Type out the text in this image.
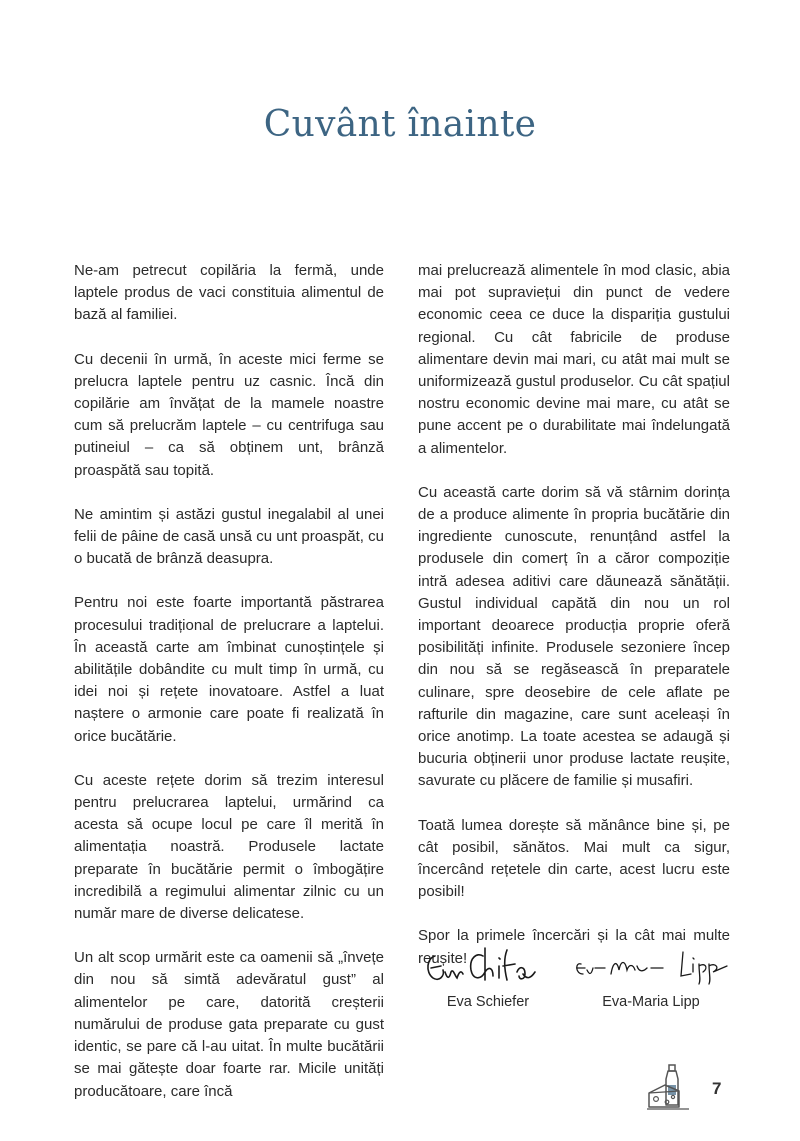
Cuvânt înainte

Ne-am petrecut copilăria la fermă, unde laptele produs de vaci constituia alimentul de bază al familiei.

Cu decenii în urmă, în aceste mici ferme se prelucra laptele pentru uz casnic. Încă din copilărie am învățat de la mamele noastre cum să prelucrăm laptele – cu centrifuga sau putineiul – ca să obținem unt, brânză proaspătă sau topită.

Ne amintim și astăzi gustul inegalabil al unei felii de pâine de casă unsă cu unt proaspăt, cu o bucată de brânză deasupra.

Pentru noi este foarte importantă păstrarea procesului tradițional de prelucrare a laptelui. În această carte am îmbinat cunoștințele și abilitățile dobândite cu mult timp în urmă, cu idei noi și rețete inovatoare. Astfel a luat naștere o armonie care poate fi realizată în orice bucătărie.

Cu aceste rețete dorim să trezim interesul pentru prelucrarea laptelui, urmărind ca acesta să ocupe locul pe care îl merită în alimentația noastră. Produsele lactate preparate în bucătărie permit o îmbogățire incredibilă a regimului alimentar zilnic cu un număr mare de diverse delicatese.

Un alt scop urmărit este ca oamenii să „învețe din nou să simtă adevăratul gust” al alimentelor pe care, datorită creșterii numărului de produse gata preparate cu gust identic, se pare că l-au uitat. În multe bucătării se mai gătește doar foarte rar. Micile unități producătoare, care încă

mai prelucrează alimentele în mod clasic, abia mai pot supraviețui din punct de vedere economic ceea ce duce la dispariția gustului regional. Cu cât fabricile de produse alimentare devin mai mari, cu atât mai mult se uniformizează gustul produselor. Cu cât spațiul nostru economic devine mai mare, cu atât se pune accent pe o durabilitate mai îndelungată a alimentelor.

Cu această carte dorim să vă stârnim dorința de a produce alimente în propria bucătărie din ingrediente cunoscute, renunțând astfel la produsele din comerț în a căror compoziție intră adesea aditivi care dăunează sănătății. Gustul individual capătă din nou un rol important deoarece producția proprie oferă posibilități infinite. Produsele sezoniere încep din nou să se regăsească în preparatele culinare, spre deosebire de cele aflate pe rafturile din magazine, care sunt aceleași în orice anotimp. La toate acestea se adaugă și bucuria obținerii unor produse lactate reușite, savurate cu plăcere de familie și musafiri.

Toată lumea dorește să mănânce bine și, pe cât posibil, sănătos. Mai mult ca sigur, încercând rețetele din carte, acest lucru este posibil!

Spor la primele încercări și la cât mai multe reușite!

Eva Schiefer	Eva-Maria Lipp
7
